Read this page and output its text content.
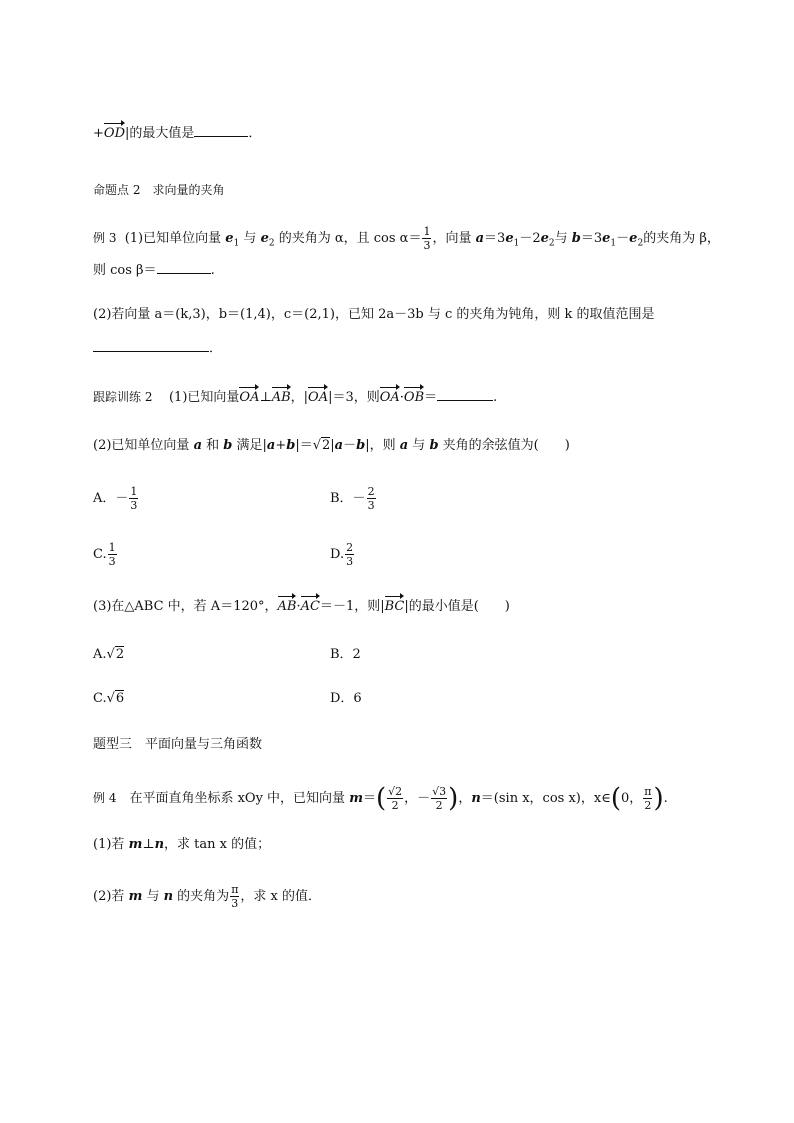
+OD|的最大值是	．
命题点 2　求向量的夹角
例 3 (1)已知单位向量 $e_1$ 与 $e_2$ 的夹角为 α，且 $\cos \alpha= \frac{1}{3}$ ，向量 $a=3e_1-2e_2$与 $b=3e_1-e_2$的夹角为 β，
则 cos β＝	.
(2)若向量 a＝(k,3)，b＝(1,4)，c＝(2,1)，已知 2a－3b 与 c 的夹角为钝角，则 k 的取值范围是
．
跟踪训练 2 (1)已知向量OA⊥AB，|OA|＝3，则OA·OB＝	.
(2)已知单位向量 a 和 b 满足|a+b|＝√2|a－b|，则 a 与 b 夹角的余弦值为(　　)
A．－ $\frac{1}{3}$	B．－ $\frac{2}{3}$
C. $\frac{1}{3}$	D. $\frac{2}{3}$
(3)在△ABC 中，若 A＝120°，AB·AC＝－1，则|BC|的最小值是(　　)
A.√2	B．2
C.√6	D．6
题型三　平面向量与三角函数
例 4　在平面直角坐标系 xOy 中，已知向量 $m=( \frac{√2}{2}$ ，－ $\frac{√3}{2}$ )，n＝(sin x，cos x)，x∈(0， $\frac{\pi}{2}$ ).
(1)若 m⊥n，求 tan x 的值；
(2)若 m 与 n 的夹角为 $\frac{\pi}{3}$ ，求 x 的值．
